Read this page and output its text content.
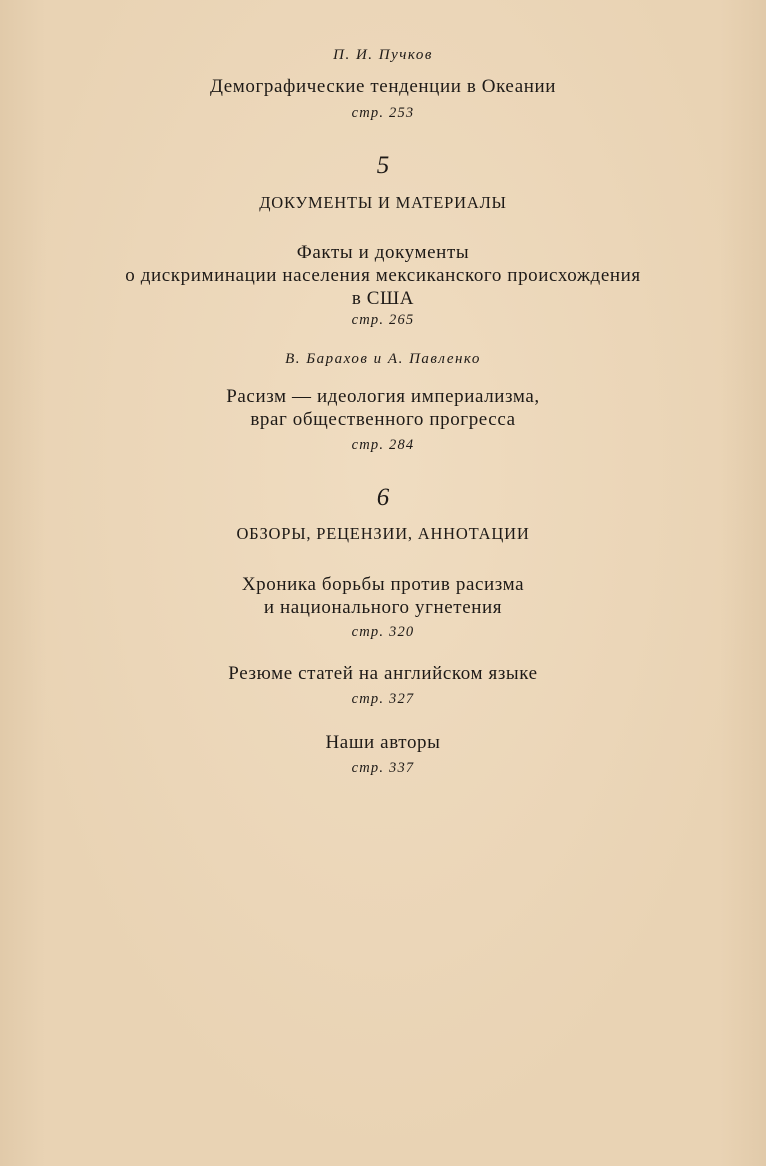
П. И. Пучков
Демографические тенденции в Океании
стр. 253
5
ДОКУМЕНТЫ И МАТЕРИАЛЫ
Факты и документы
о дискриминации населения мексиканского происхождения
в США
стр. 265
В. Барахов и А. Павленко
Расизм — идеология империализма,
враг общественного прогресса
стр. 284
6
ОБЗОРЫ, РЕЦЕНЗИИ, АННОТАЦИИ
Хроника борьбы против расизма
и национального угнетения
стр. 320
Резюме статей на английском языке
стр. 327
Наши авторы
стр. 337
